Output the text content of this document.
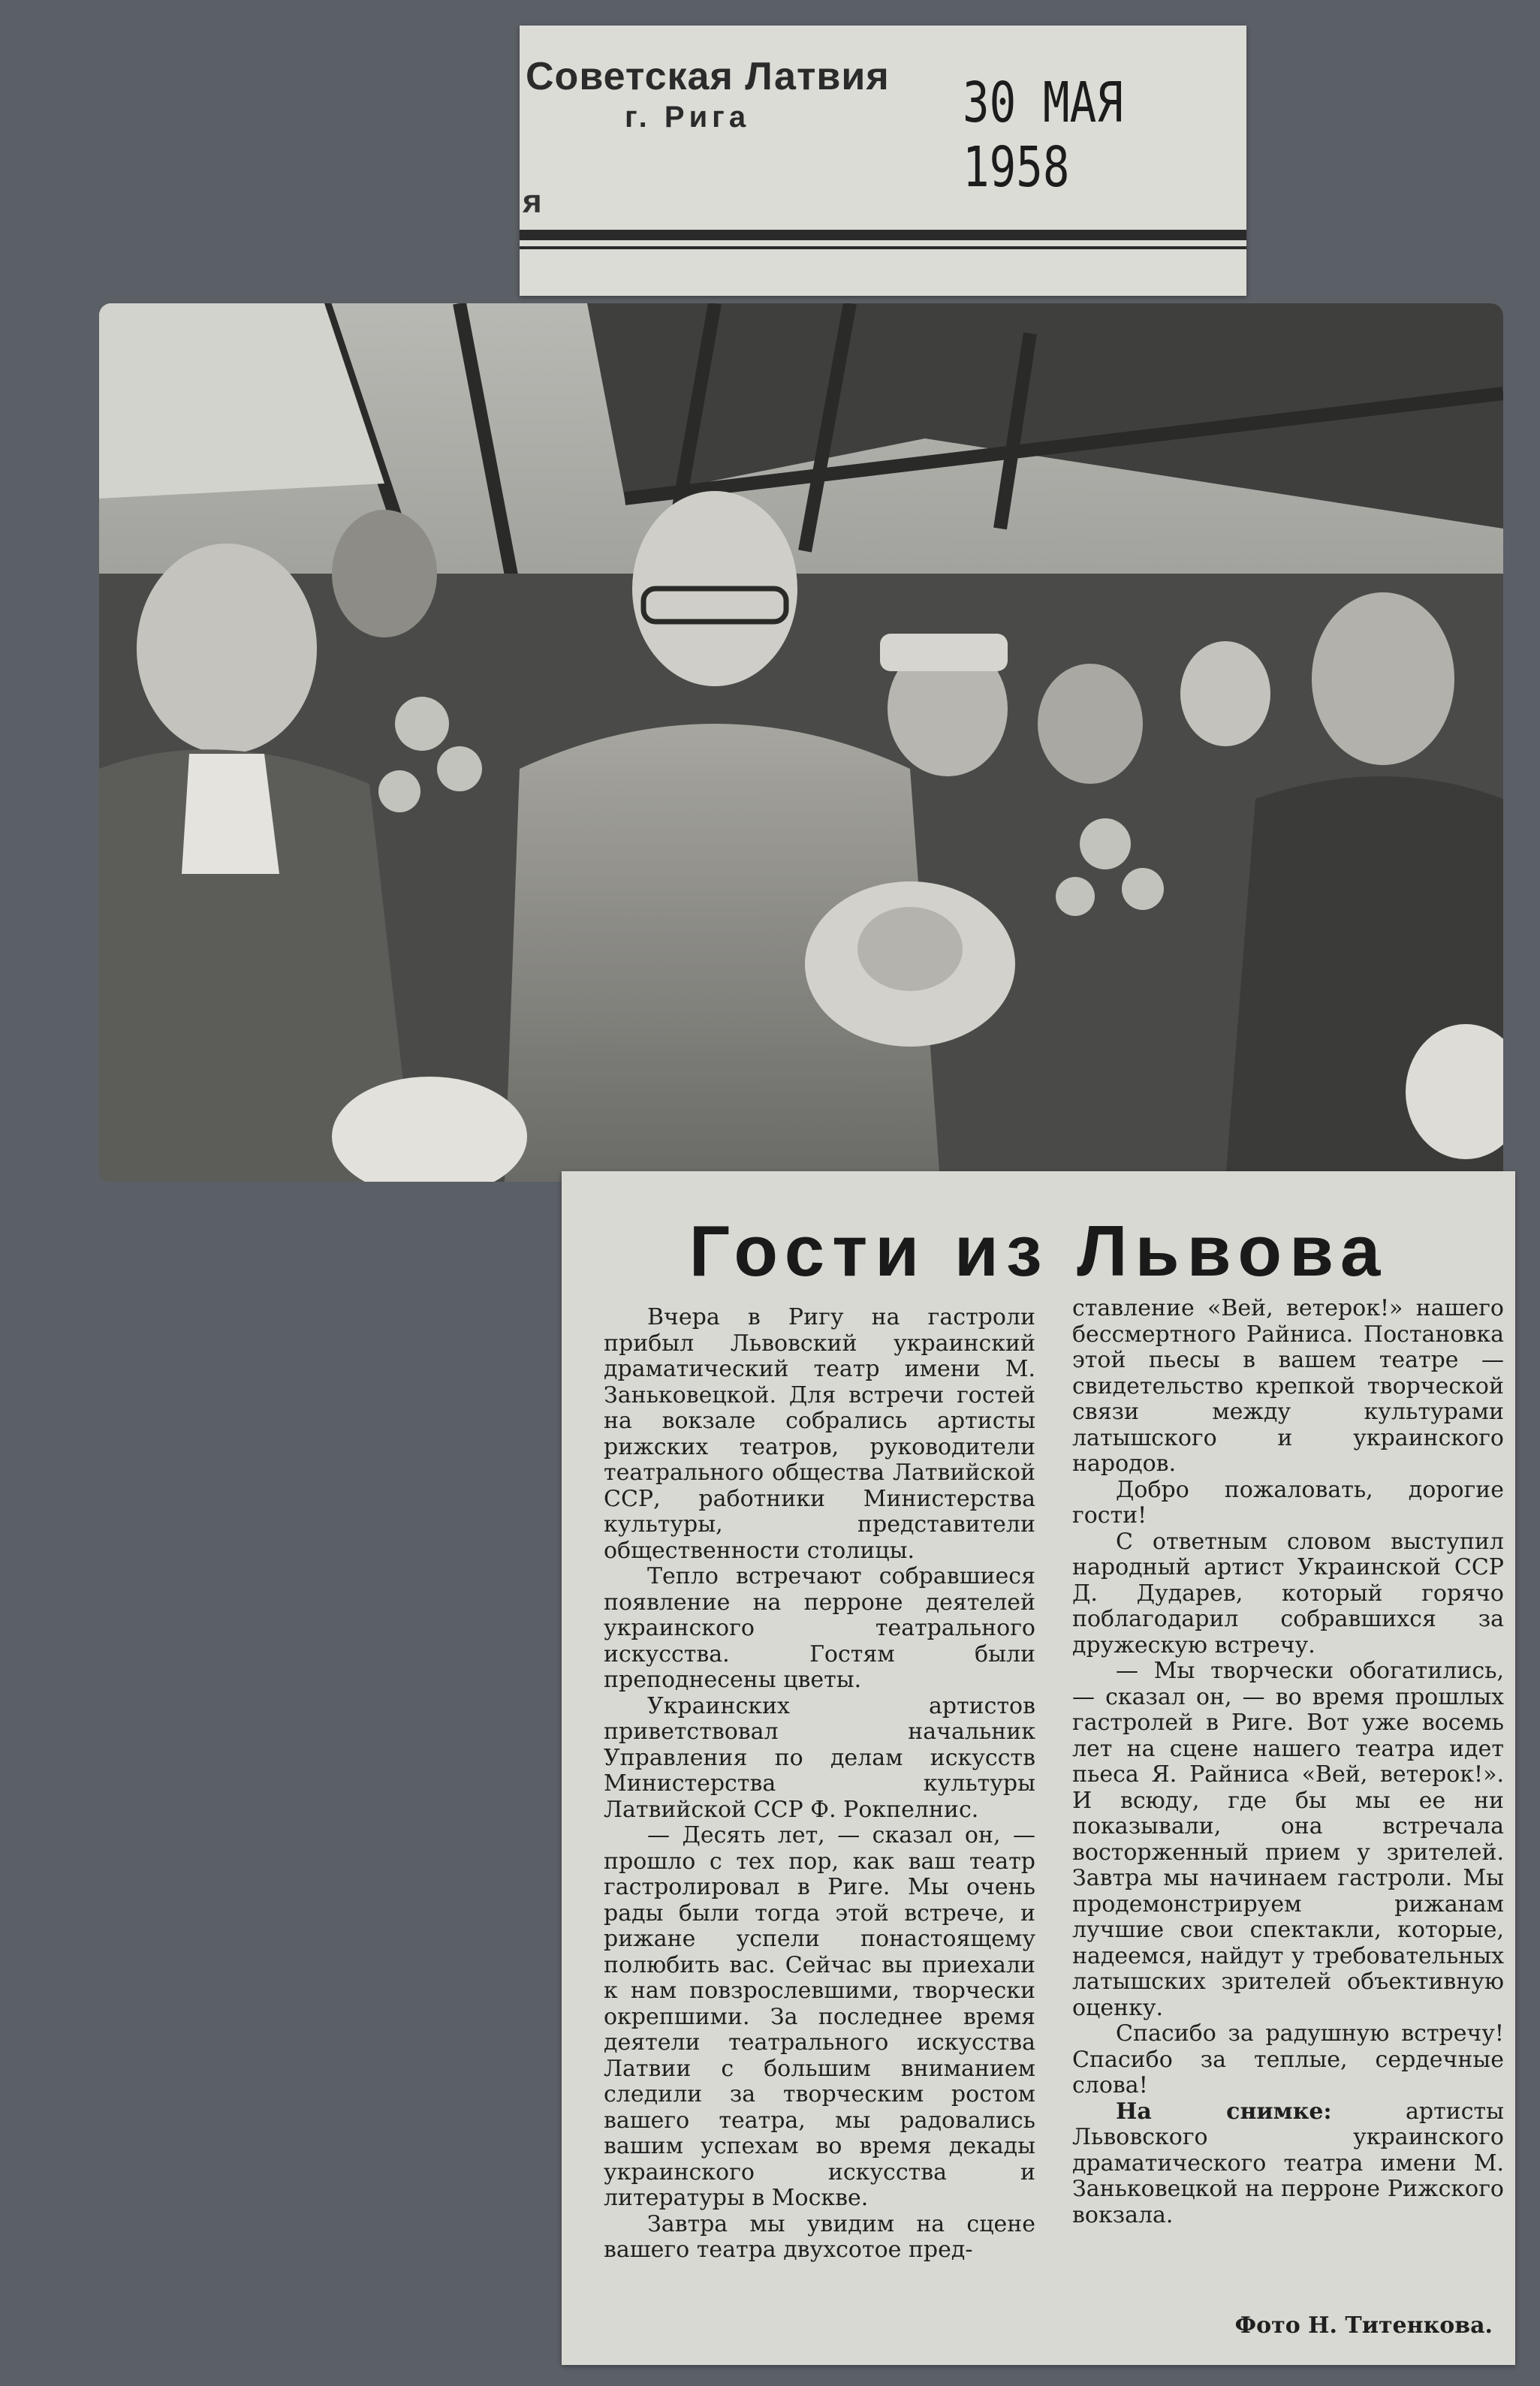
Советская Латвия
г. Рига	30 МАЯ 1958
я
Гости из Львова

Вчера в Ригу на гастроли прибыл Львовский украинский драматический театр имени М. Заньковецкой. Для встречи гостей на вокзале собрались артисты рижских театров, руководители театрального общества Латвийской ССР, работники Министерства культуры, представители общественности столицы.

Тепло встречают собравшиеся появление на перроне деятелей украинского театрального искусства. Гостям были преподнесены цветы.

Украинских артистов приветствовал начальник Управления по делам искусств Министерства культуры Латвийской ССР Ф. Рокпелнис.

— Десять лет, — сказал он, — прошло с тех пор, как ваш театр гастролировал в Риге. Мы очень рады были тогда этой встрече, и рижане успели понастоящему полюбить вас. Сейчас вы приехали к нам повзрослевшими, творчески окрепшими. За последнее время деятели театрального искусства Латвии с большим вниманием следили за творческим ростом вашего театра, мы радовались вашим успехам во время декады украинского искусства и литературы в Москве.

Завтра мы увидим на сцене вашего театра двухсотое пред-

ставление «Вей, ветерок!» нашего бессмертного Райниса. Постановка этой пьесы в вашем театре — свидетельство крепкой творческой связи между культурами латышского и украинского народов.

Добро пожаловать, дорогие гости!

С ответным словом выступил народный артист Украинской ССР Д. Дударев, который горячо поблагодарил собравшихся за дружескую встречу.

— Мы творчески обогатились, — сказал он, — во время прошлых гастролей в Риге. Вот уже восемь лет на сцене нашего театра идет пьеса Я. Райниса «Вей, ветерок!». И всюду, где бы мы ее ни показывали, она встречала восторженный прием у зрителей. Завтра мы начинаем гастроли. Мы продемонстрируем рижанам лучшие свои спектакли, которые, надеемся, найдут у требовательных латышских зрителей объективную оценку.

Спасибо за радушную встречу! Спасибо за теплые, сердечные слова!

На снимке:	артисты Львовского украинского драматического театра имени М. Заньковецкой на перроне Рижского вокзала.

Фото Н. Титенкова.
